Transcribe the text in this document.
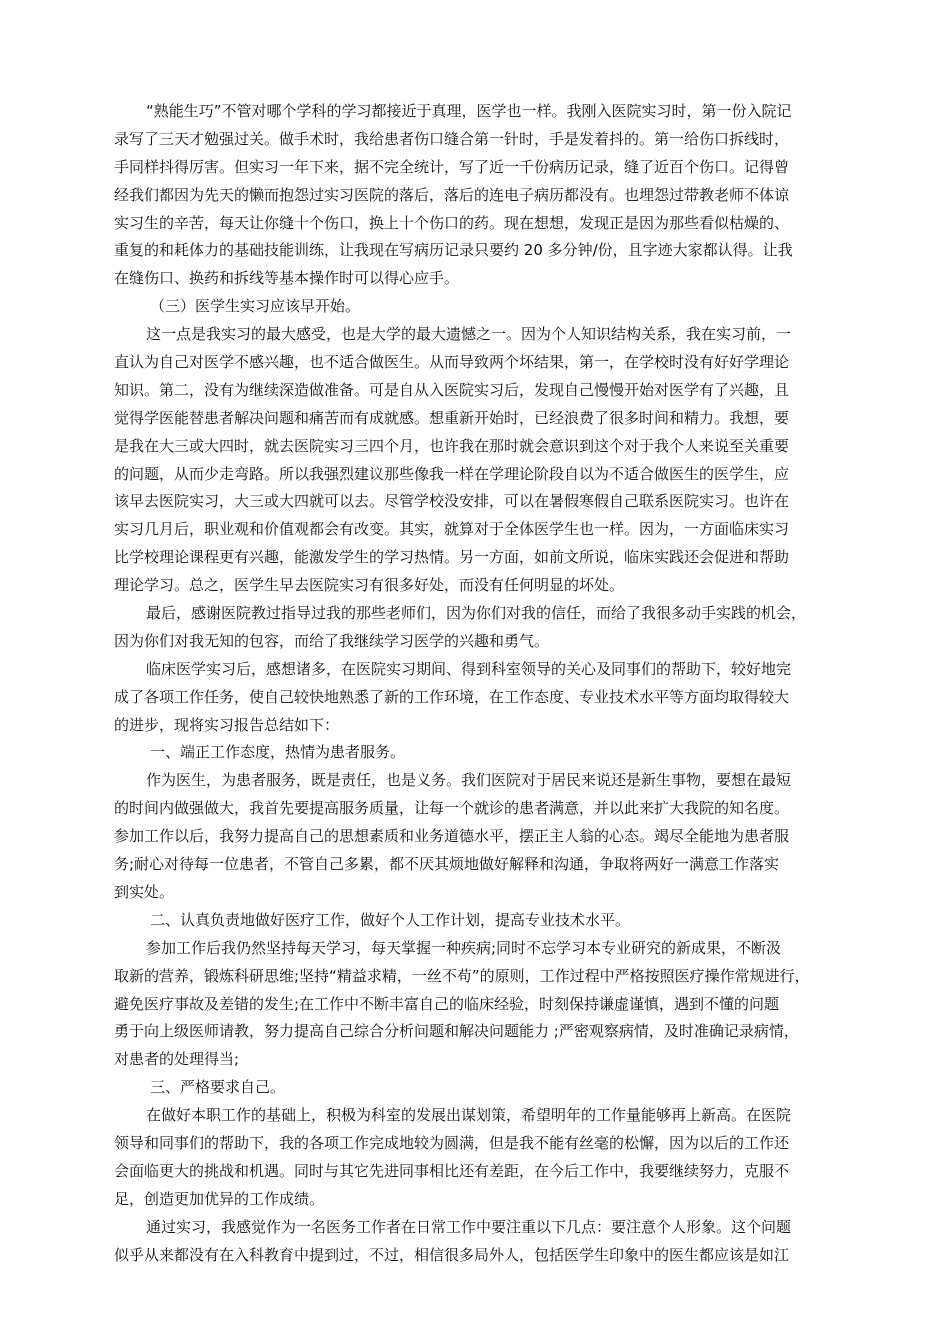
“熟能生巧”不管对哪个学科的学习都接近于真理，医学也一样。我刚入医院实习时，第一份入院记
录写了三天才勉强过关。做手术时，我给患者伤口缝合第一针时，手是发着抖的。第一给伤口拆线时，
手同样抖得厉害。但实习一年下来，据不完全统计，写了近一千份病历记录，缝了近百个伤口。记得曾
经我们都因为先天的懒而抱怨过实习医院的落后，落后的连电子病历都没有。也埋怨过带教老师不体谅
实习生的辛苦，每天让你缝十个伤口，换上十个伤口的药。现在想想，发现正是因为那些看似枯燥的、
重复的和耗体力的基础技能训练，让我现在写病历记录只要约 20 多分钟/份，且字迹大家都认得。让我
在缝伤口、换药和拆线等基本操作时可以得心应手。
（三）医学生实习应该早开始。
这一点是我实习的最大感受，也是大学的最大遗憾之一。因为个人知识结构关系，我在实习前，一
直认为自己对医学不感兴趣，也不适合做医生。从而导致两个坏结果，第一，在学校时没有好好学理论
知识。第二，没有为继续深造做准备。可是自从入医院实习后，发现自己慢慢开始对医学有了兴趣，且
觉得学医能替患者解决问题和痛苦而有成就感。想重新开始时，已经浪费了很多时间和精力。我想，要
是我在大三或大四时，就去医院实习三四个月，也许我在那时就会意识到这个对于我个人来说至关重要
的问题，从而少走弯路。所以我强烈建议那些像我一样在学理论阶段自以为不适合做医生的医学生，应
该早去医院实习，大三或大四就可以去。尽管学校没安排，可以在暑假寒假自己联系医院实习。也许在
实习几月后，职业观和价值观都会有改变。其实，就算对于全体医学生也一样。因为，一方面临床实习
比学校理论课程更有兴趣，能激发学生的学习热情。另一方面，如前文所说，临床实践还会促进和帮助
理论学习。总之，医学生早去医院实习有很多好处，而没有任何明显的坏处。
最后，感谢医院教过指导过我的那些老师们，因为你们对我的信任，而给了我很多动手实践的机会，
因为你们对我无知的包容，而给了我继续学习医学的兴趣和勇气。
临床医学实习后，感想诸多，在医院实习期间、得到科室领导的关心及同事们的帮助下，较好地完
成了各项工作任务，使自己较快地熟悉了新的工作环境，在工作态度、专业技术水平等方面均取得较大
的进步，现将实习报告总结如下：
一、端正工作态度，热情为患者服务。
作为医生，为患者服务，既是责任，也是义务。我们医院对于居民来说还是新生事物，要想在最短
的时间内做强做大，我首先要提高服务质量，让每一个就诊的患者满意，并以此来扩大我院的知名度。
参加工作以后，我努力提高自己的思想素质和业务道德水平，摆正主人翁的心态。竭尽全能地为患者服
务;耐心对待每一位患者，不管自己多累，都不厌其烦地做好解释和沟通，争取将两好一满意工作落实
到实处。
二、认真负责地做好医疗工作，做好个人工作计划，提高专业技术水平。
参加工作后我仍然坚持每天学习，每天掌握一种疾病;同时不忘学习本专业研究的新成果，不断汲
取新的营养，锻炼科研思维;坚持“精益求精，一丝不苟”的原则，工作过程中严格按照医疗操作常规进行，
避免医疗事故及差错的发生;在工作中不断丰富自己的临床经验，时刻保持谦虚谨慎，遇到不懂的问题
勇于向上级医师请教，努力提高自己综合分析问题和解决问题能力 ;严密观察病情，及时准确记录病情，
对患者的处理得当;
三、严格要求自己。
在做好本职工作的基础上，积极为科室的发展出谋划策，希望明年的工作量能够再上新高。在医院
领导和同事们的帮助下，我的各项工作完成地较为圆满，但是我不能有丝毫的松懈，因为以后的工作还
会面临更大的挑战和机遇。同时与其它先进同事相比还有差距，在今后工作中，我要继续努力，克服不
足，创造更加优异的工作成绩。
通过实习，我感觉作为一名医务工作者在日常工作中要注重以下几点：要注意个人形象。这个问题
似乎从来都没有在入科教育中提到过，不过，相信很多局外人，包括医学生印象中的医生都应该是如江
